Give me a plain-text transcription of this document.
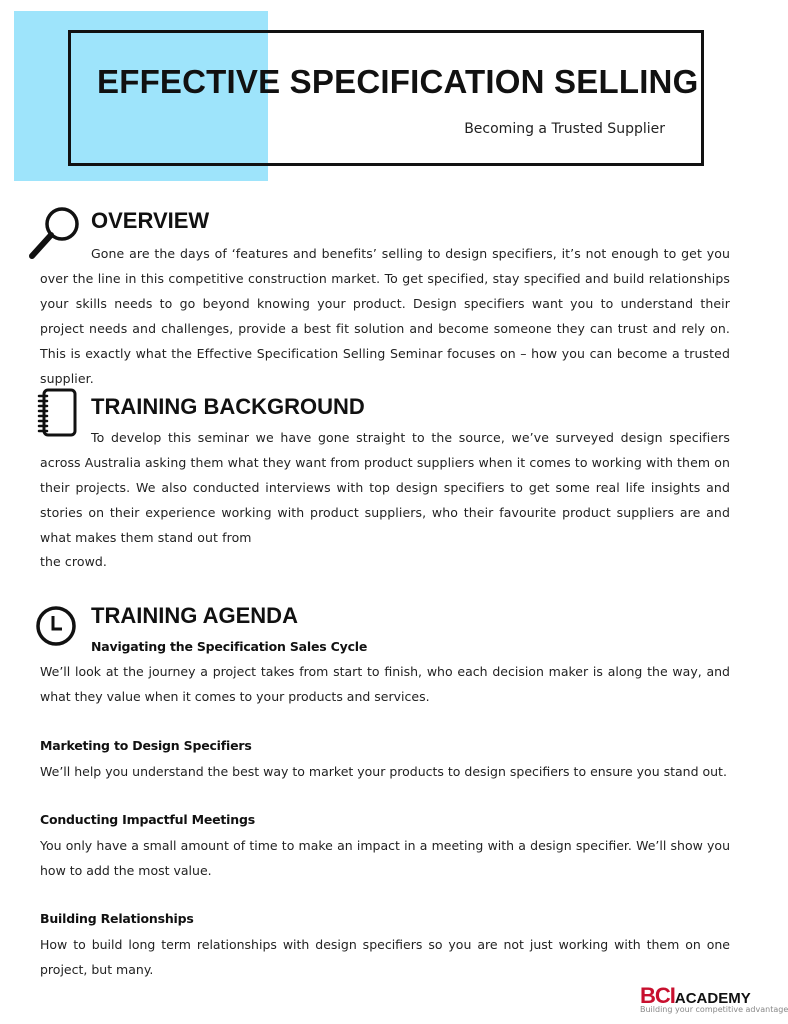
EFFECTIVE SPECIFICATION SELLING
Becoming a Trusted Supplier
OVERVIEW

Gone are the days of ‘features and benefits’ selling to design specifiers, it’s not enough to get you over the line in this competitive construction market. To get specified, stay specified and build relationships your skills needs to go beyond knowing your product. Design specifiers want you to understand their project needs and challenges, provide a best fit solution and become someone they can trust and rely on. This is exactly what the Effective Specification Selling Seminar focuses on – how you can become a trusted supplier.

TRAINING BACKGROUND

To develop this seminar we have gone straight to the source, we’ve surveyed design specifiers across Australia asking them what they want from product suppliers when it comes to working with them on their projects. We also conducted interviews with top design specifiers to get some real life insights and stories on their experience working with product suppliers, who their favourite product suppliers are and what makes them stand out from

the crowd.

TRAINING AGENDA

Navigating the Specification Sales Cycle

We’ll look at the journey a project takes from start to finish, who each decision maker is along the way, and what they value when it comes to your products and services.

Marketing to Design Specifiers

We’ll help you understand the best way to market your products to design specifiers to ensure you stand out.

Conducting Impactful Meetings

You only have a small amount of time to make an impact in a meeting with a design specifier. We’ll show you how to add the most value.

Building Relationships

How to build long term relationships with design specifiers so you are not just working with them on one project, but many.

BCIACADEMY
Building your competitive advantage
